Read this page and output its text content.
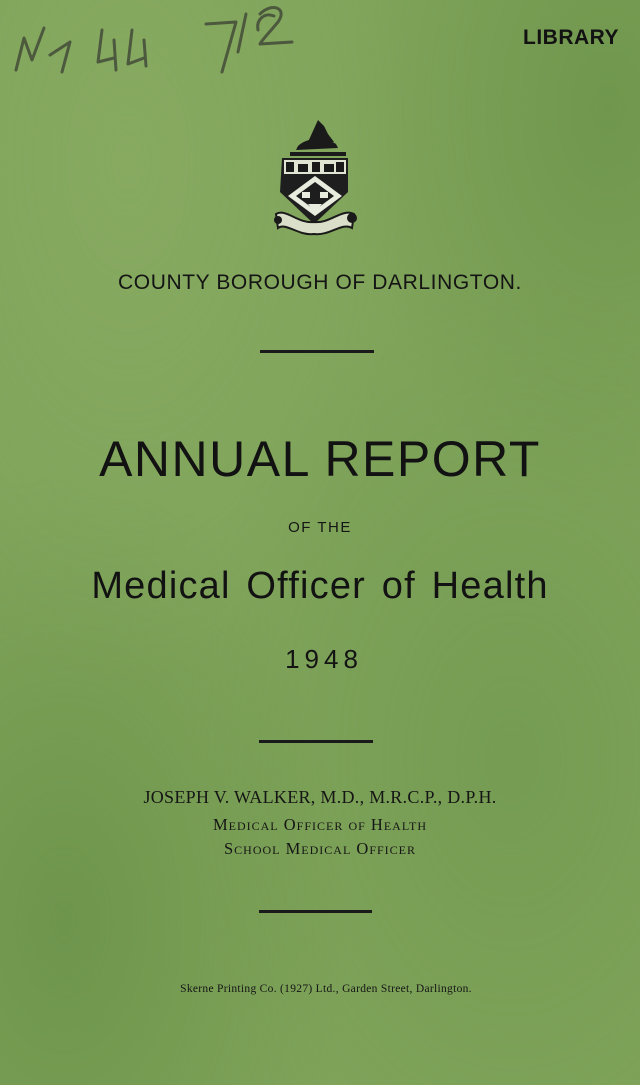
4-4 7/2
LIBRARY
COUNTY BOROUGH OF DARLINGTON.
ANNUAL REPORT
OF THE
Medical Officer of Health
1948
JOSEPH V. WALKER, M.D., M.R.C.P., D.P.H.
Medical Officer of Health
School Medical Officer
Skerne Printing Co. (1927) Ltd., Garden Street, Darlington.
